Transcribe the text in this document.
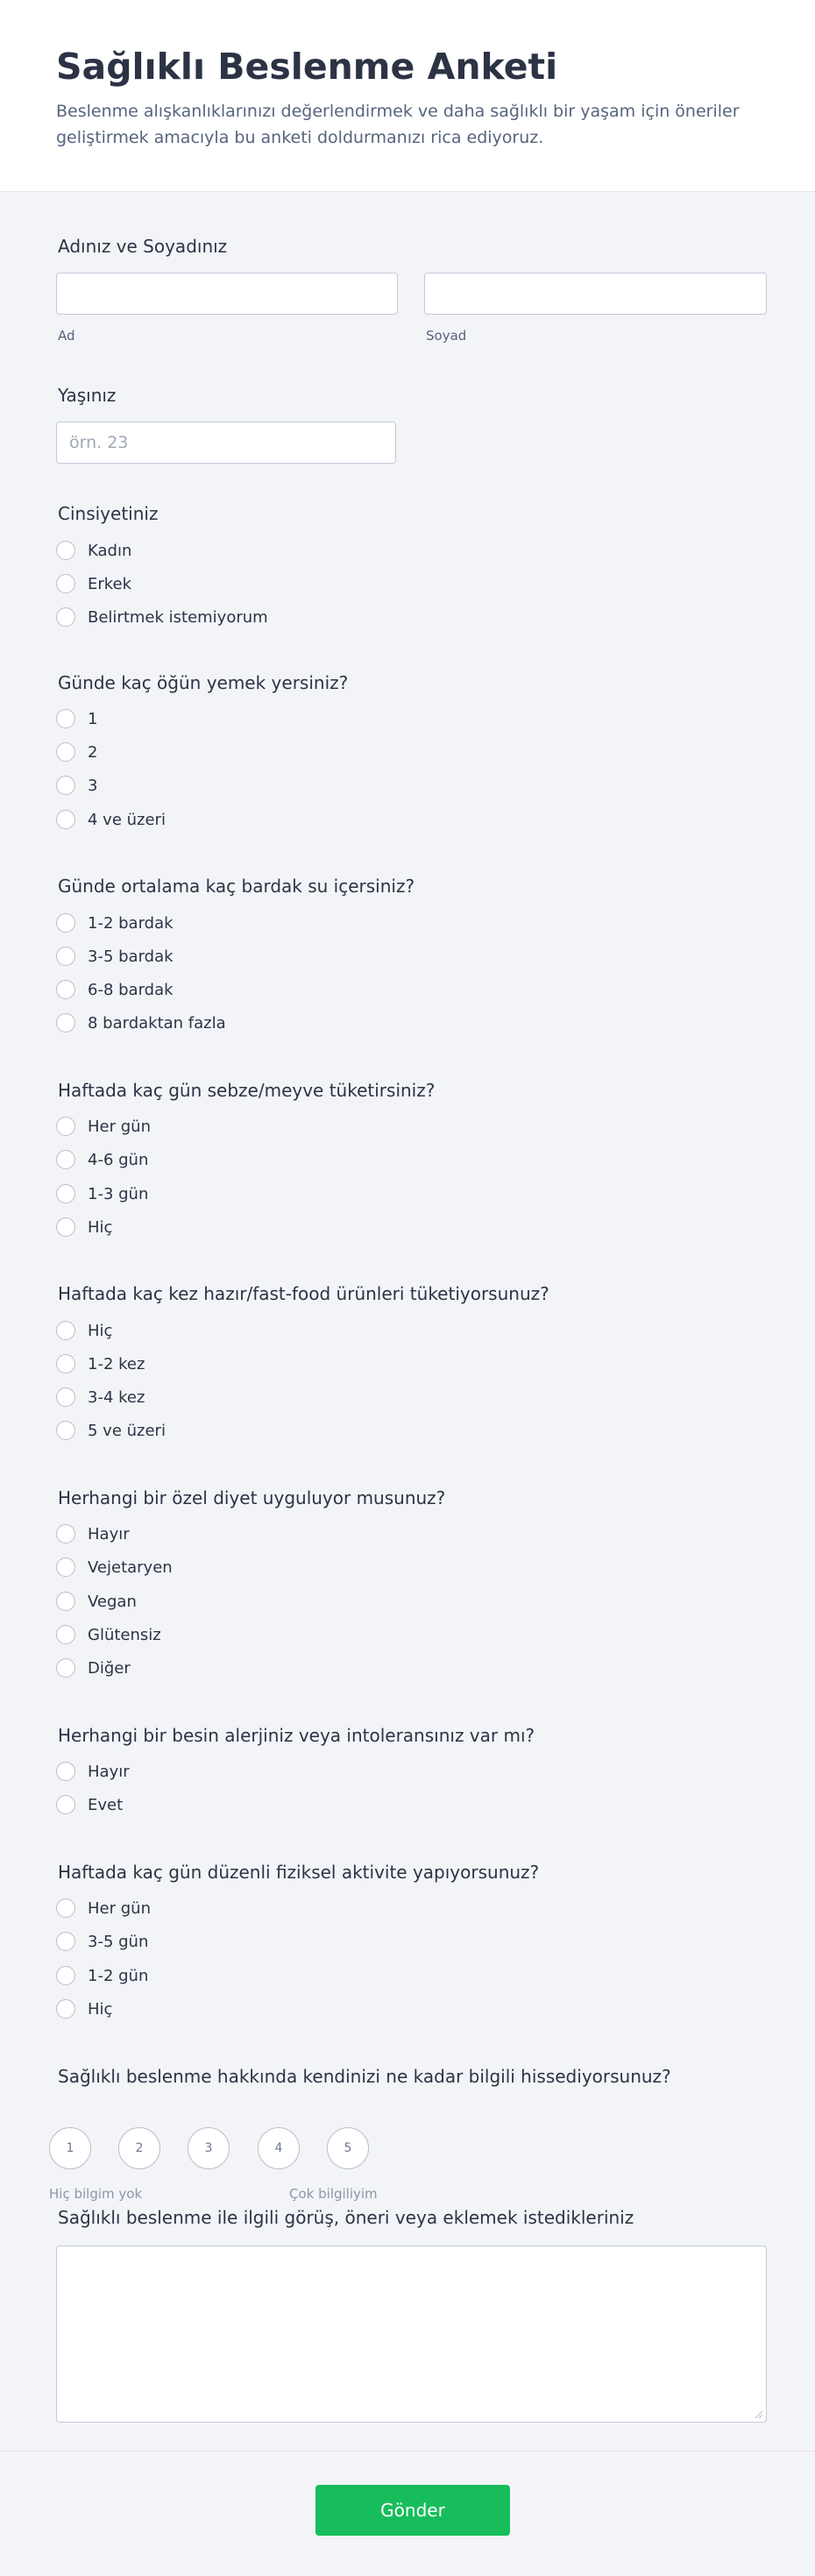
Sağlıklı Beslenme Anketi
Beslenme alışkanlıklarınızı değerlendirmek ve daha sağlıklı bir yaşam için öneriler geliştirmek amacıyla bu anketi doldurmanızı rica ediyoruz.
Adınız ve Soyadınız
Ad	Soyad
Yaşınız
örn. 23
Cinsiyetiniz
Kadın
Erkek
Belirtmek istemiyorum
Günde kaç öğün yemek yersiniz?
1
2
3
4 ve üzeri
Günde ortalama kaç bardak su içersiniz?
1-2 bardak
3-5 bardak
6-8 bardak
8 bardaktan fazla
Haftada kaç gün sebze/meyve tüketirsiniz?
Her gün
4-6 gün
1-3 gün
Hiç
Haftada kaç kez hazır/fast-food ürünleri tüketiyorsunuz?
Hiç
1-2 kez
3-4 kez
5 ve üzeri
Herhangi bir özel diyet uyguluyor musunuz?
Hayır
Vejetaryen
Vegan
Glütensiz
Diğer
Herhangi bir besin alerjiniz veya intoleransınız var mı?
Hayır
Evet
Haftada kaç gün düzenli fiziksel aktivite yapıyorsunuz?
Her gün
3-5 gün
1-2 gün
Hiç
Sağlıklı beslenme hakkında kendinizi ne kadar bilgili hissediyorsunuz?
1	2	3	4	5
Hiç bilgim yok	Çok bilgiliyim
Sağlıklı beslenme ile ilgili görüş, öneri veya eklemek istedikleriniz
Gönder
